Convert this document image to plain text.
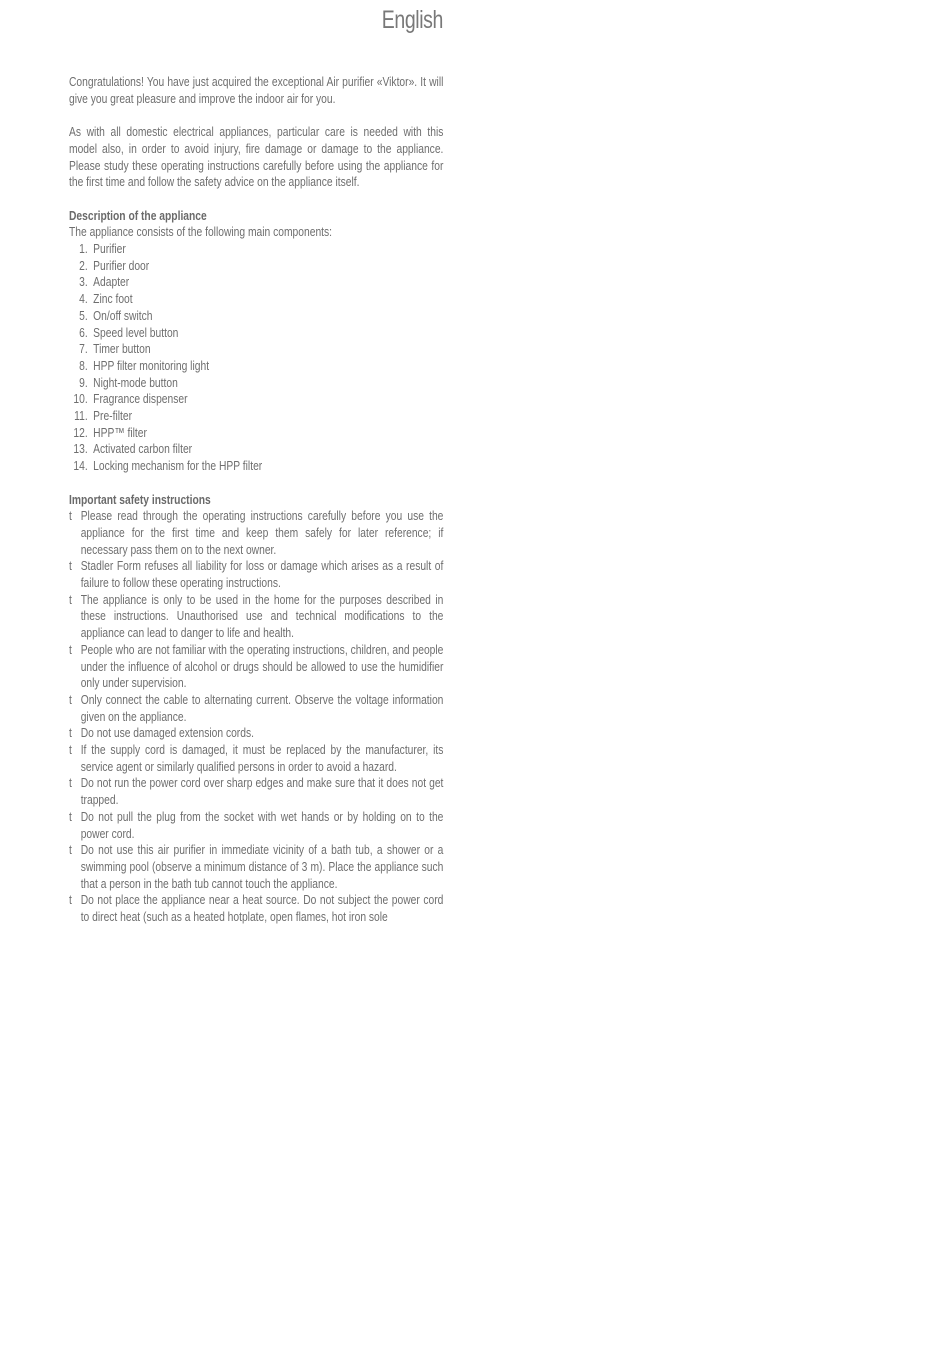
English

Congratulations! You have just acquired the exceptional Air purifier «Viktor». It will give you great pleasure and improve the indoor air for you.

As with all domestic electrical appliances, particular care is needed with this model also, in order to avoid injury, fire damage or damage to the appliance. Please study these operating instructions carefully before using the appliance for the first time and follow the safety advice on the appliance itself.

Description of the appliance

The appliance consists of the following main components:

1. Purifier
2. Purifier door
3. Adapter
4. Zinc foot
5. On/off switch
6. Speed level button
7. Timer button
8. HPP filter monitoring light
9. Night-mode button
10. Fragrance dispenser
11. Pre-filter
12. HPP™ filter
13. Activated carbon filter
14. Locking mechanism for the HPP filter

Important safety instructions

t Please read through the operating instructions carefully before you use the appliance for the first time and keep them safely for later reference; if necessary pass them on to the next owner.
t Stadler Form refuses all liability for loss or damage which arises as a result of failure to follow these operating instructions.
t The appliance is only to be used in the home for the purposes described in these instructions. Unauthorised use and technical modifications to the appliance can lead to danger to life and health.
t People who are not familiar with the operating instructions, children, and people under the influence of alcohol or drugs should be allowed to use the humidifier only under supervision.
t Only connect the cable to alternating current. Observe the voltage information given on the appliance.
t Do not use damaged extension cords.
t If the supply cord is damaged, it must be replaced by the manufacturer, its service agent or similarly qualified persons in order to avoid a hazard.
t Do not run the power cord over sharp edges and make sure that it does not get trapped.
t Do not pull the plug from the socket with wet hands or by holding on to the power cord.
t Do not use this air purifier in immediate vicinity of a bath tub, a shower or a swimming pool (observe a minimum distance of 3 m). Place the appliance such that a person in the bath tub cannot touch the appliance.
t Do not place the appliance near a heat source. Do not subject the power cord to direct heat (such as a heated hotplate, open flames, hot iron sole
